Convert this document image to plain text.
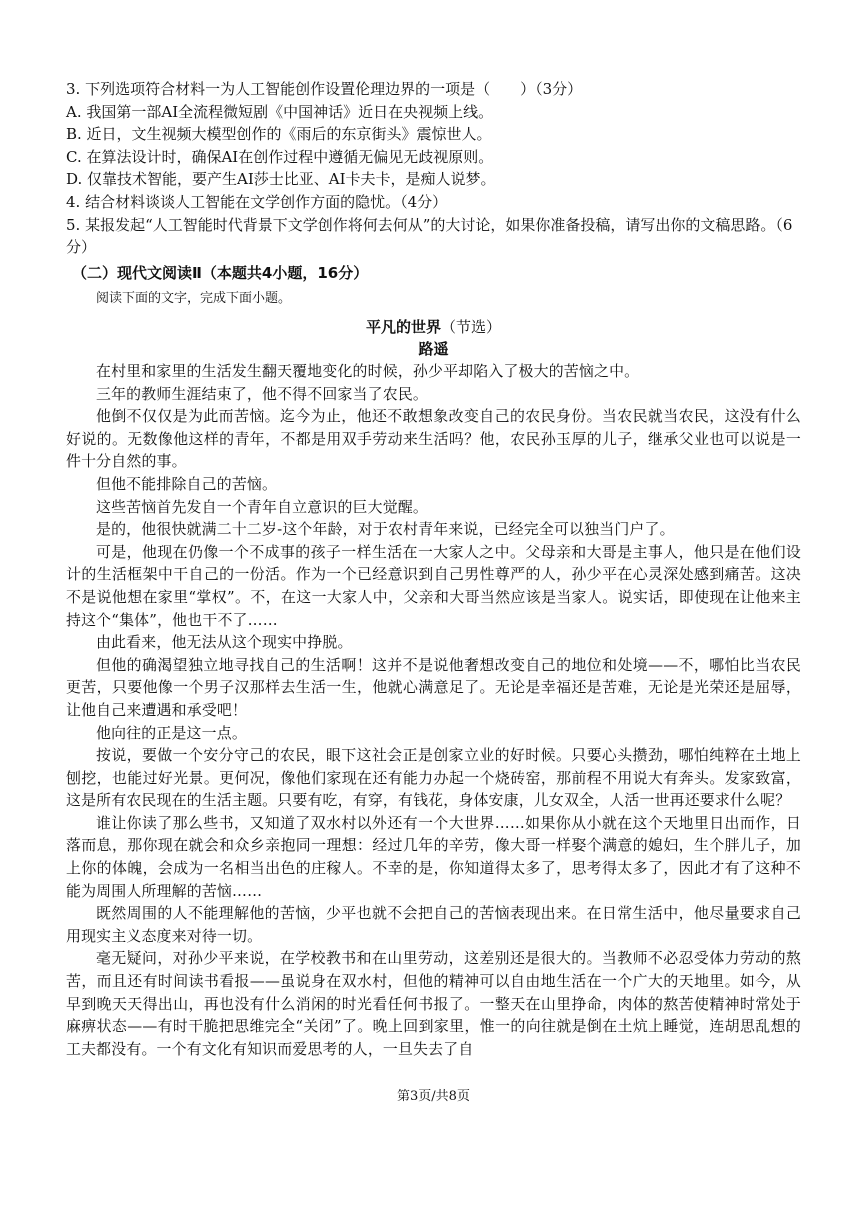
3. 下列选项符合材料一为人工智能创作设置伦理边界的一项是（　　）（3分）
A. 我国第一部AI全流程微短剧《中国神话》近日在央视频上线。
B. 近日，文生视频大模型创作的《雨后的东京街头》震惊世人。
C. 在算法设计时，确保AI在创作过程中遵循无偏见无歧视原则。
D. 仅靠技术智能，要产生AI莎士比亚、AI卡夫卡，是痴人说梦。
4. 结合材料谈谈人工智能在文学创作方面的隐忧。（4分）
5. 某报发起“人工智能时代背景下文学创作将何去何从”的大讨论，如果你准备投稿，请写出你的文稿思路。（6分）
（二）现代文阅读Ⅱ（本题共4小题，16分）
阅读下面的文字，完成下面小题。
平凡的世界（节选）
路遥

在村里和家里的生活发生翻天覆地变化的时候，孙少平却陷入了极大的苦恼之中。

三年的教师生涯结束了，他不得不回家当了农民。

他倒不仅仅是为此而苦恼。迄今为止，他还不敢想象改变自己的农民身份。当农民就当农民，这没有什么好说的。无数像他这样的青年，不都是用双手劳动来生活吗？他，农民孙玉厚的儿子，继承父业也可以说是一件十分自然的事。

但他不能排除自己的苦恼。

这些苦恼首先发自一个青年自立意识的巨大觉醒。

是的，他很快就满二十二岁-这个年龄，对于农村青年来说，已经完全可以独当门户了。

可是，他现在仍像一个不成事的孩子一样生活在一大家人之中。父母亲和大哥是主事人，他只是在他们设计的生活框架中干自己的一份活。作为一个已经意识到自己男性尊严的人，孙少平在心灵深处感到痛苦。这决不是说他想在家里“掌权”。不，在这一大家人中，父亲和大哥当然应该是当家人。说实话，即使现在让他来主持这个“集体”，他也干不了……

由此看来，他无法从这个现实中挣脱。

但他的确渴望独立地寻找自己的生活啊！这并不是说他奢想改变自己的地位和处境——不，哪怕比当农民更苦，只要他像一个男子汉那样去生活一生，他就心满意足了。无论是幸福还是苦难，无论是光荣还是屈辱，让他自己来遭遇和承受吧！

他向往的正是这一点。

按说，要做一个安分守己的农民，眼下这社会正是创家立业的好时候。只要心头攒劲，哪怕纯粹在土地上刨挖，也能过好光景。更何况，像他们家现在还有能力办起一个烧砖窑，那前程不用说大有奔头。发家致富，这是所有农民现在的生活主题。只要有吃，有穿，有钱花，身体安康，儿女双全，人活一世再还要求什么呢？

谁让你读了那么些书，又知道了双水村以外还有一个大世界……如果你从小就在这个天地里日出而作，日落而息，那你现在就会和众乡亲抱同一理想：经过几年的辛劳，像大哥一样娶个满意的媳妇，生个胖儿子，加上你的体魄，会成为一名相当出色的庄稼人。不幸的是，你知道得太多了，思考得太多了，因此才有了这种不能为周围人所理解的苦恼……

既然周围的人不能理解他的苦恼，少平也就不会把自己的苦恼表现出来。在日常生活中，他尽量要求自己用现实主义态度来对待一切。

毫无疑问，对孙少平来说，在学校教书和在山里劳动，这差别还是很大的。当教师不必忍受体力劳动的熬苦，而且还有时间读书看报——虽说身在双水村，但他的精神可以自由地生活在一个广大的天地里。如今，从早到晚天天得出山，再也没有什么消闲的时光看任何书报了。一整天在山里挣命，肉体的熬苦使精神时常处于麻痹状态——有时干脆把思维完全“关闭”了。晚上回到家里，惟一的向往就是倒在土炕上睡觉，连胡思乱想的工夫都没有。一个有文化有知识而爱思考的人，一旦失去了自

第3页/共8页
